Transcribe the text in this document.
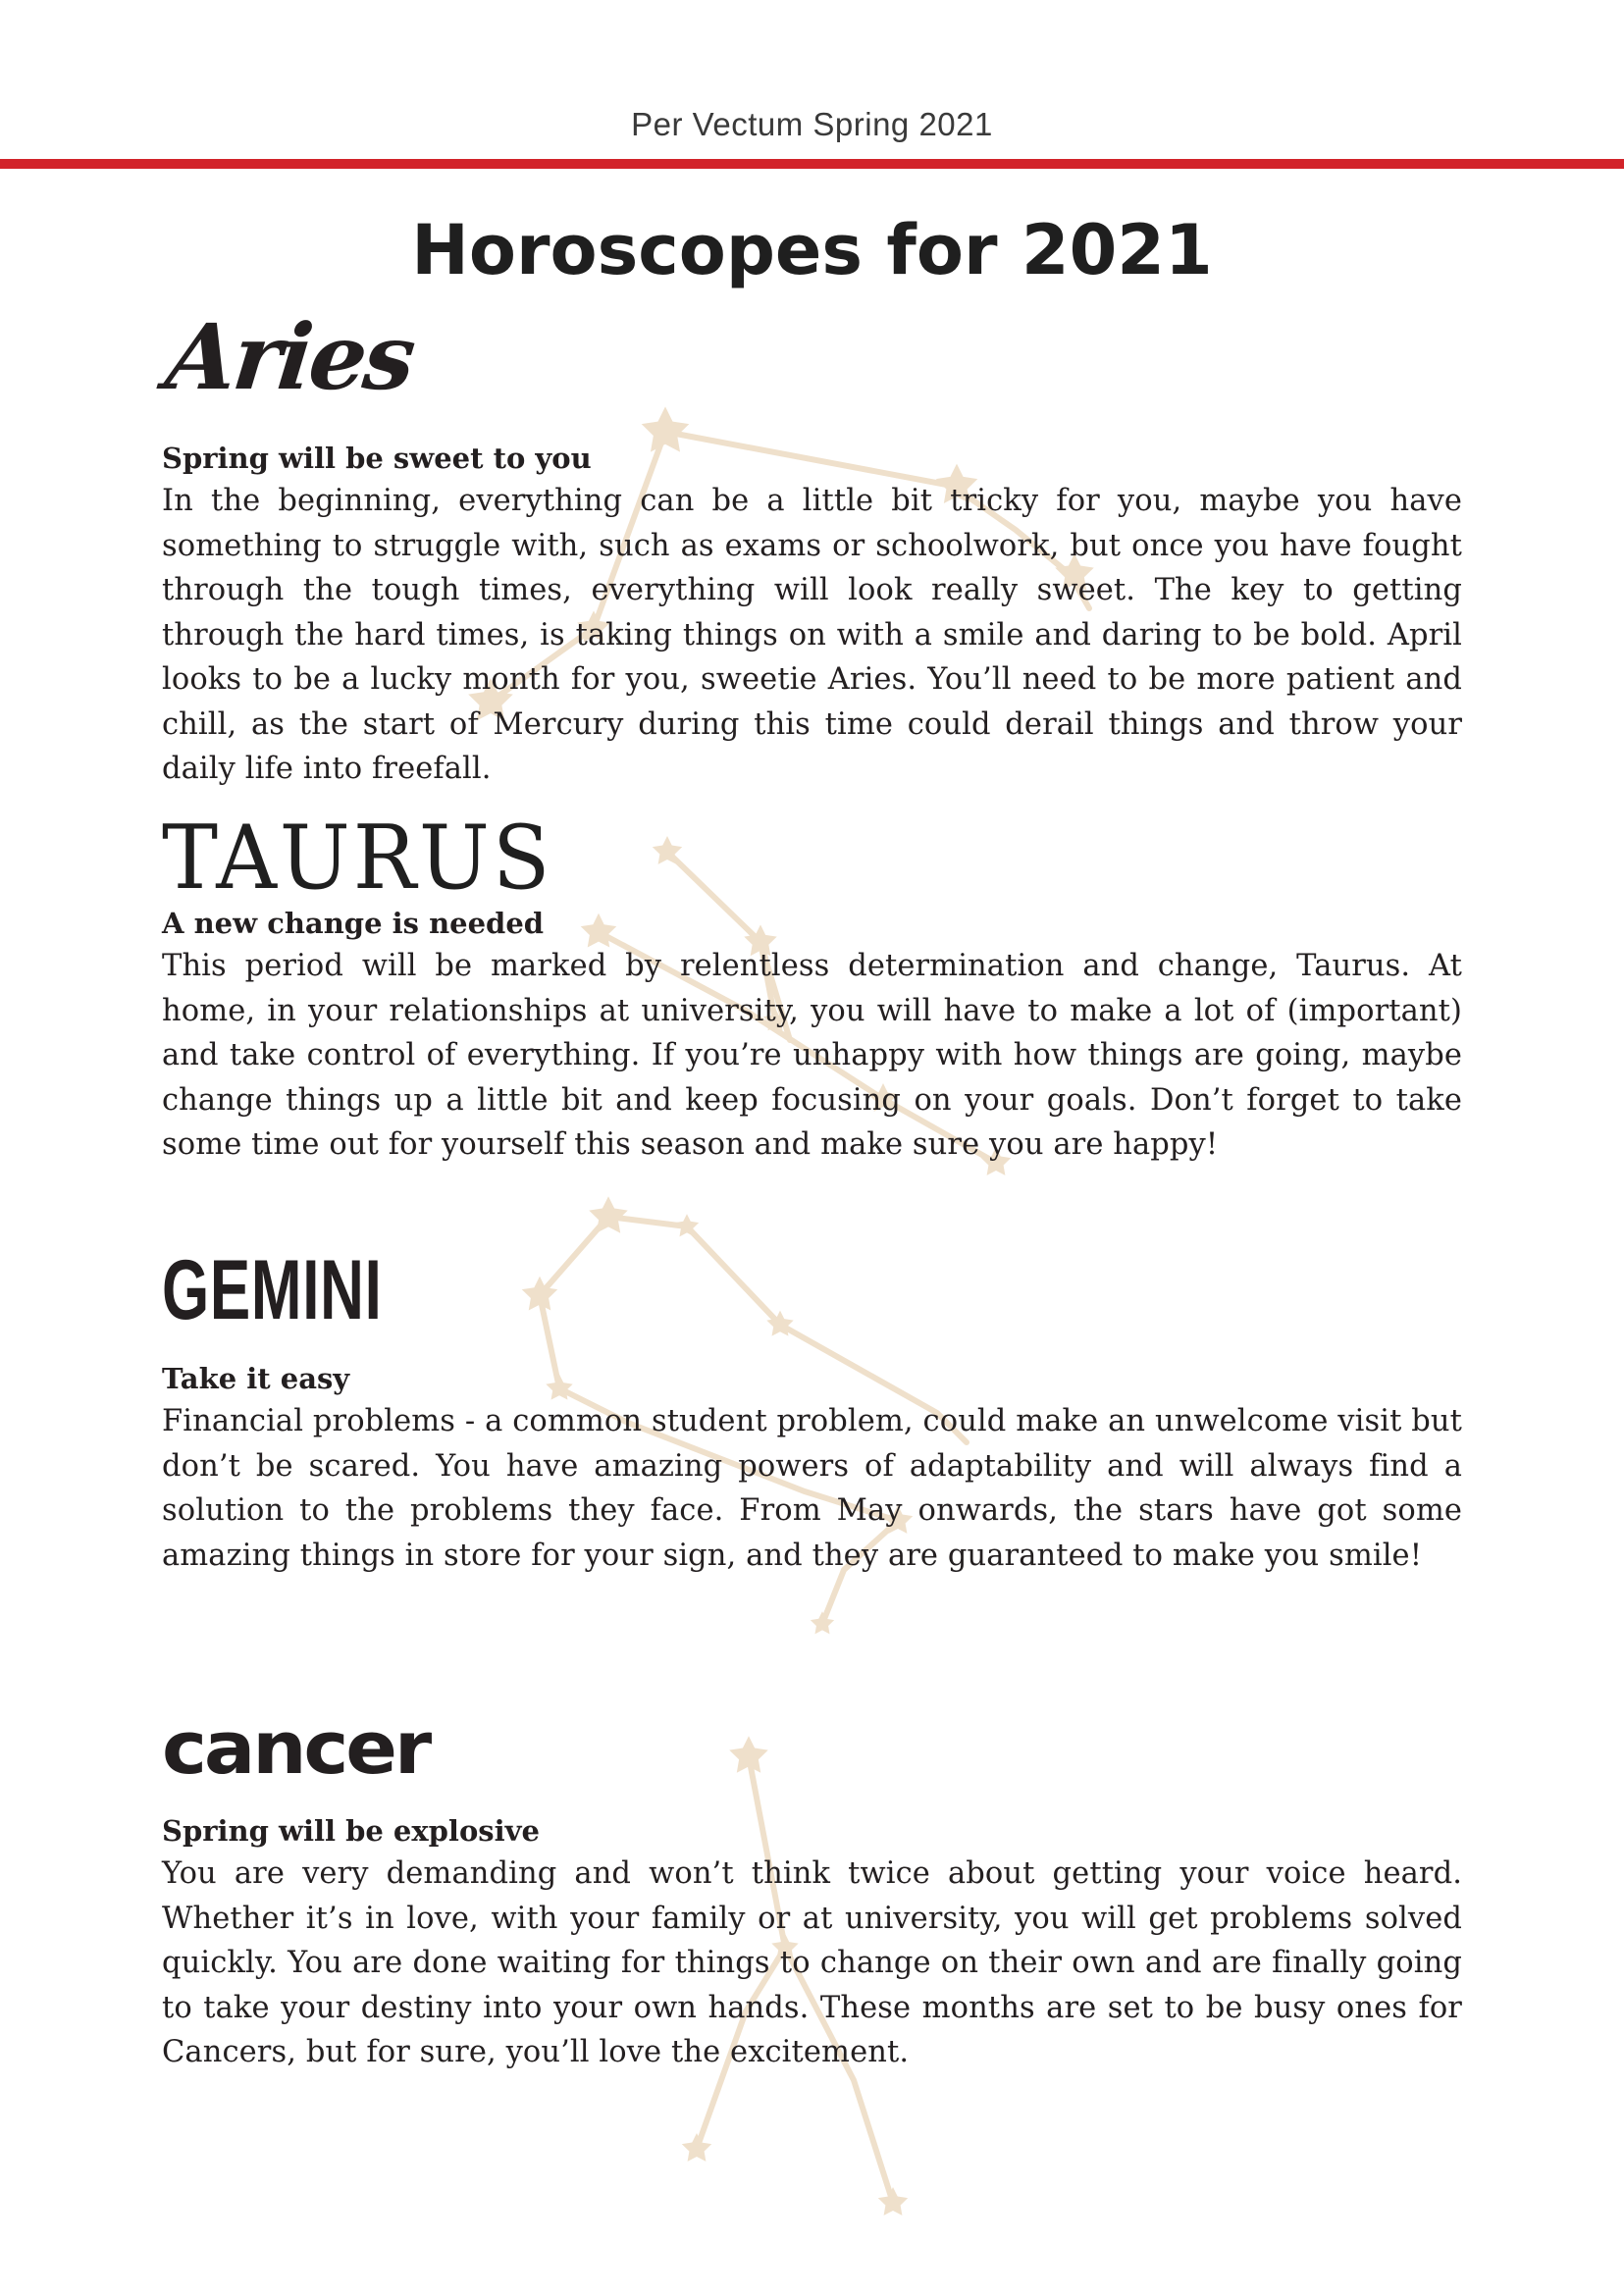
Per Vectum Spring 2021
Horoscopes for 2021
Aries

Spring will be sweet to you

In the beginning, everything can be a little bit tricky for you, maybe you have something to struggle with, such as exams or schoolwork, but once you have fought through the tough times, everything will look really sweet. The key to getting through the hard times, is taking things on with a smile and daring to be bold. April looks to be a lucky month for you, sweetie Aries. You’ll need to be more patient and chill, as the start of Mercury during this time could derail things and throw your daily life into freefall.

TAURUS

A new change is needed

This period will be marked by relentless determination and change, Taurus. At home, in your relationships at university, you will have to make a lot of (important) and take control of everything. If you’re unhappy with how things are going, maybe change things up a little bit and keep focusing on your goals. Don’t forget to take some time out for yourself this season and make sure you are happy!

GEMINI

Take it easy

Financial problems - a common student problem, could make an unwelcome visit but don’t be scared. You have amazing powers of adaptability and will always find a solution to the problems they face. From May onwards, the stars have got some amazing things in store for your sign, and they are guaranteed to make you smile!

cancer

Spring will be explosive

You are very demanding and won’t think twice about getting your voice heard. Whether it’s in love, with your family or at university, you will get problems solved quickly. You are done waiting for things to change on their own and are finally going to take your destiny into your own hands. These months are set to be busy ones for Cancers, but for sure, you’ll love the excitement.
